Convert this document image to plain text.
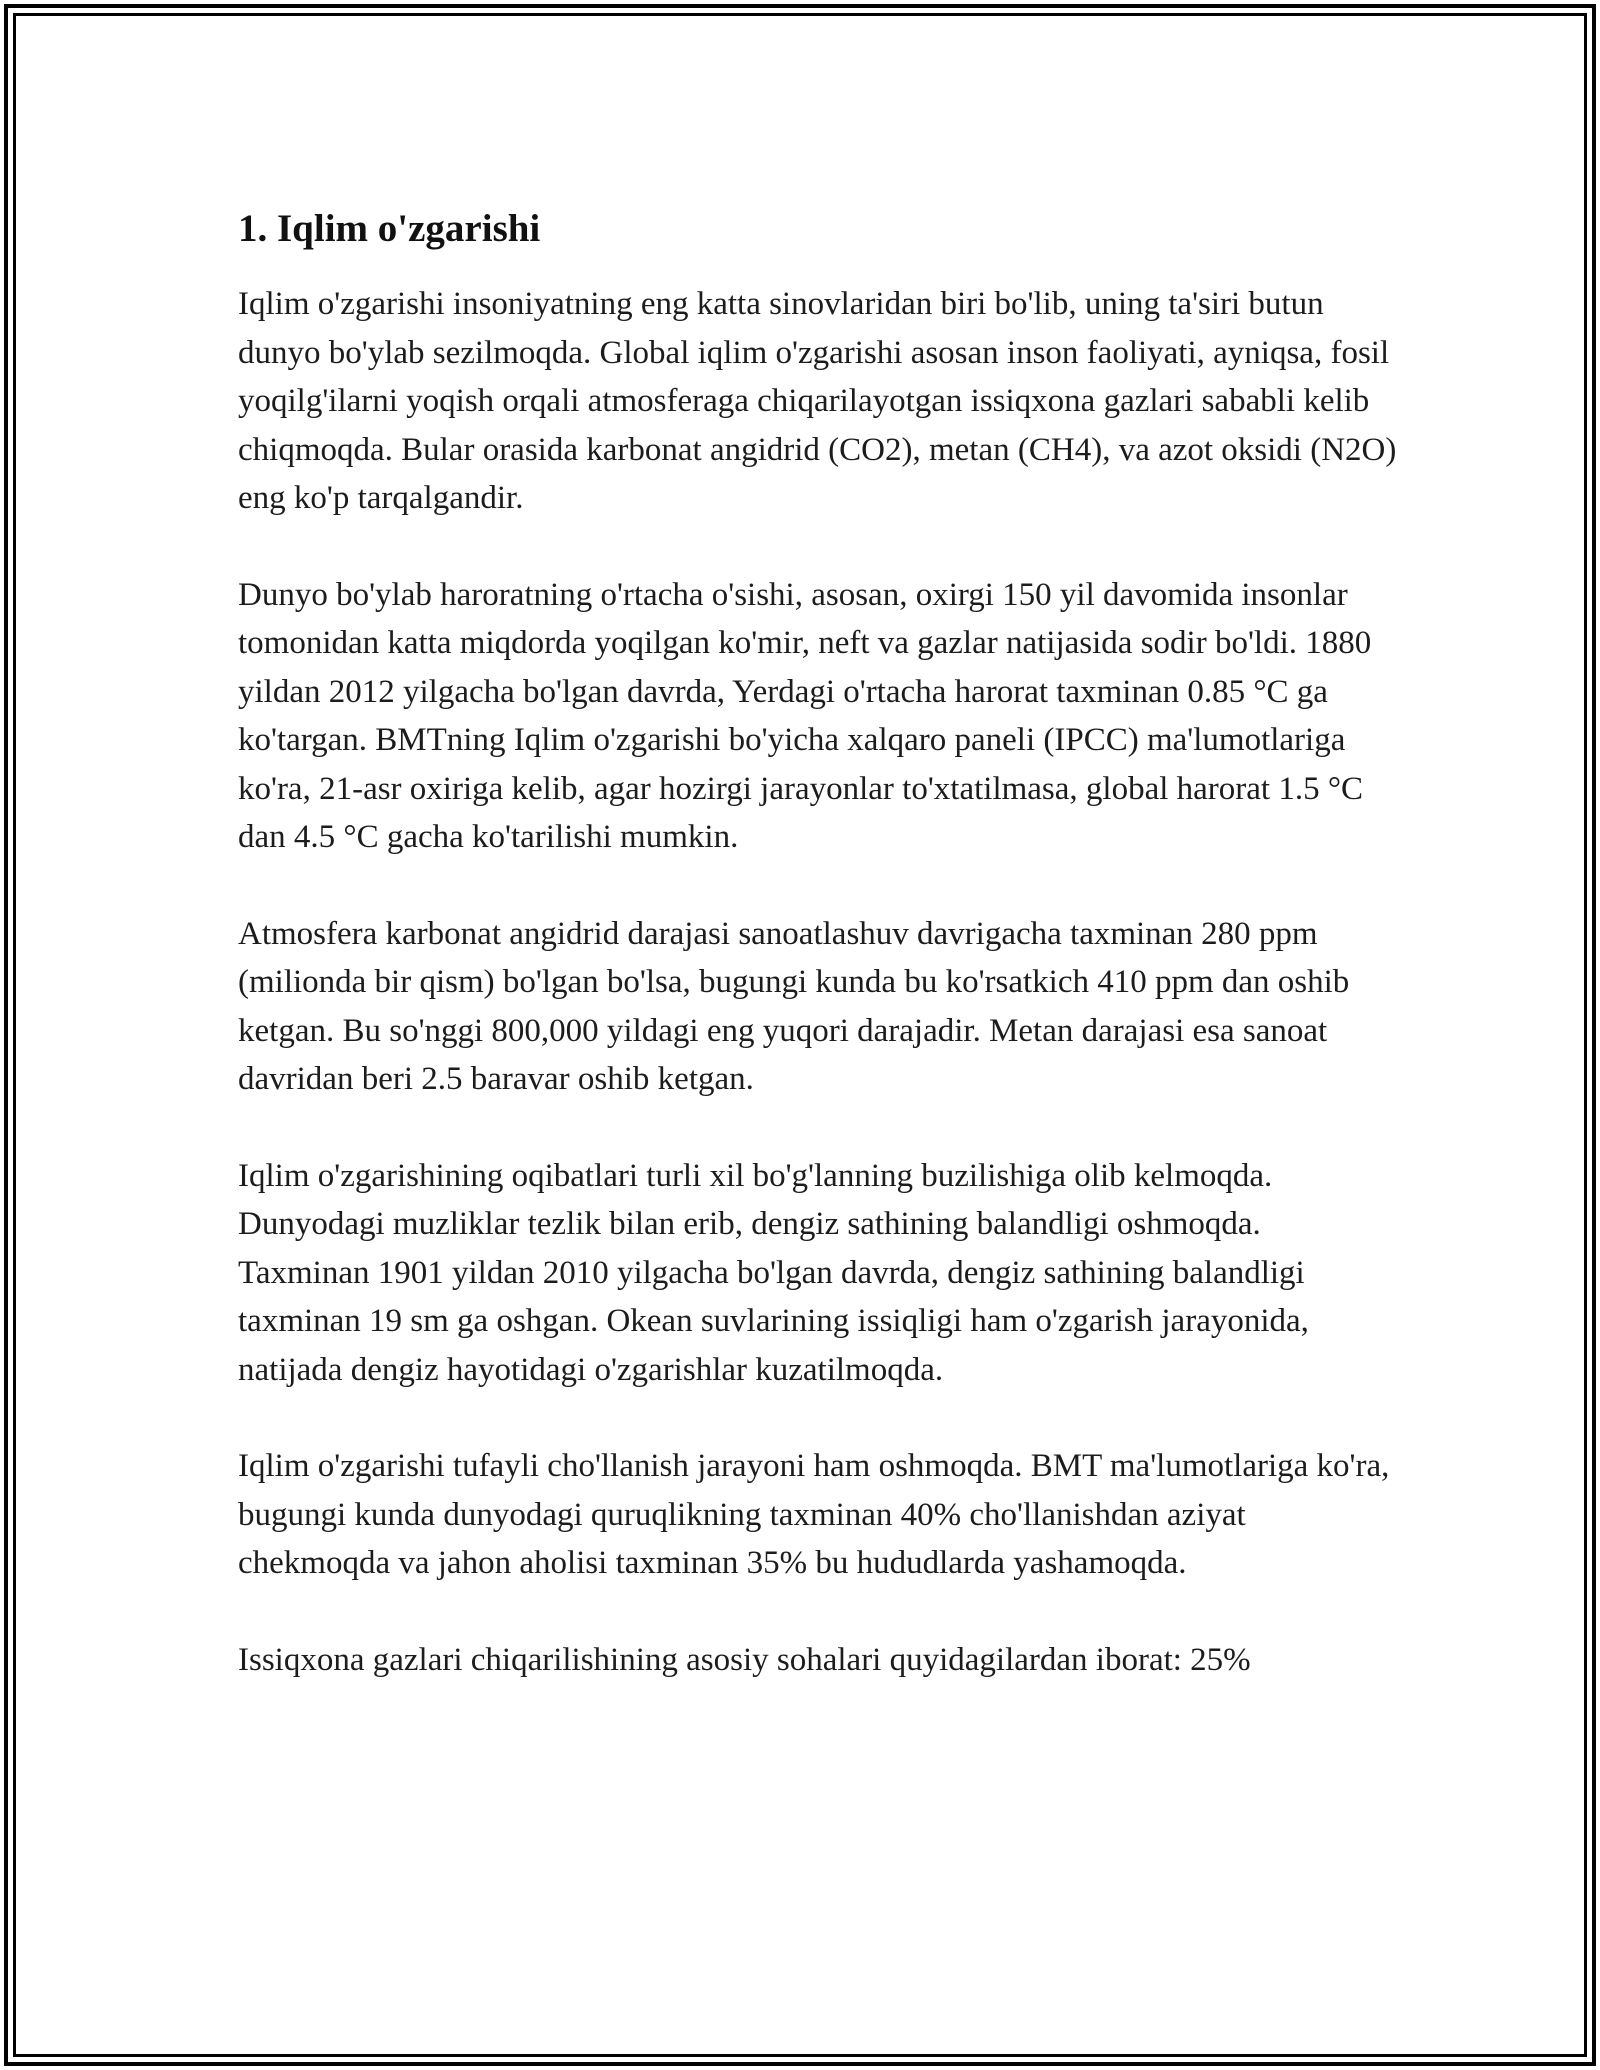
1. Iqlim o'zgarishi

Iqlim o'zgarishi insoniyatning eng katta sinovlaridan biri bo'lib, uning ta'siri butun dunyo bo'ylab sezilmoqda. Global iqlim o'zgarishi asosan inson faoliyati, ayniqsa, fosil yoqilg'ilarni yoqish orqali atmosferaga chiqarilayotgan issiqxona gazlari sababli kelib chiqmoqda. Bular orasida karbonat angidrid (CO2), metan (CH4), va azot oksidi (N2O) eng ko'p tarqalgandir.

Dunyo bo'ylab haroratning o'rtacha o'sishi, asosan, oxirgi 150 yil davomida insonlar tomonidan katta miqdorda yoqilgan ko'mir, neft va gazlar natijasida sodir bo'ldi. 1880 yildan 2012 yilgacha bo'lgan davrda, Yerdagi o'rtacha harorat taxminan 0.85 °C ga ko'targan. BMTning Iqlim o'zgarishi bo'yicha xalqaro paneli (IPCC) ma'lumotlariga ko'ra, 21-asr oxiriga kelib, agar hozirgi jarayonlar to'xtatilmasa, global harorat 1.5 °C dan 4.5 °C gacha ko'tarilishi mumkin.

Atmosfera karbonat angidrid darajasi sanoatlashuv davrigacha taxminan 280 ppm (milionda bir qism) bo'lgan bo'lsa, bugungi kunda bu ko'rsatkich 410 ppm dan oshib ketgan. Bu so'nggi 800,000 yildagi eng yuqori darajadir. Metan darajasi esa sanoat davridan beri 2.5 baravar oshib ketgan.

Iqlim o'zgarishining oqibatlari turli xil bo'g'lanning buzilishiga olib kelmoqda. Dunyodagi muzliklar tezlik bilan erib, dengiz sathining balandligi oshmoqda. Taxminan 1901 yildan 2010 yilgacha bo'lgan davrda, dengiz sathining balandligi taxminan 19 sm ga oshgan. Okean suvlarining issiqligi ham o'zgarish jarayonida, natijada dengiz hayotidagi o'zgarishlar kuzatilmoqda.

Iqlim o'zgarishi tufayli cho'llanish jarayoni ham oshmoqda. BMT ma'lumotlariga ko'ra, bugungi kunda dunyodagi quruqlikning taxminan 40% cho'llanishdan aziyat chekmoqda va jahon aholisi taxminan 35% bu hududlarda yashamoqda.

Issiqxona gazlari chiqarilishining asosiy sohalari quyidagilardan iborat: 25%
